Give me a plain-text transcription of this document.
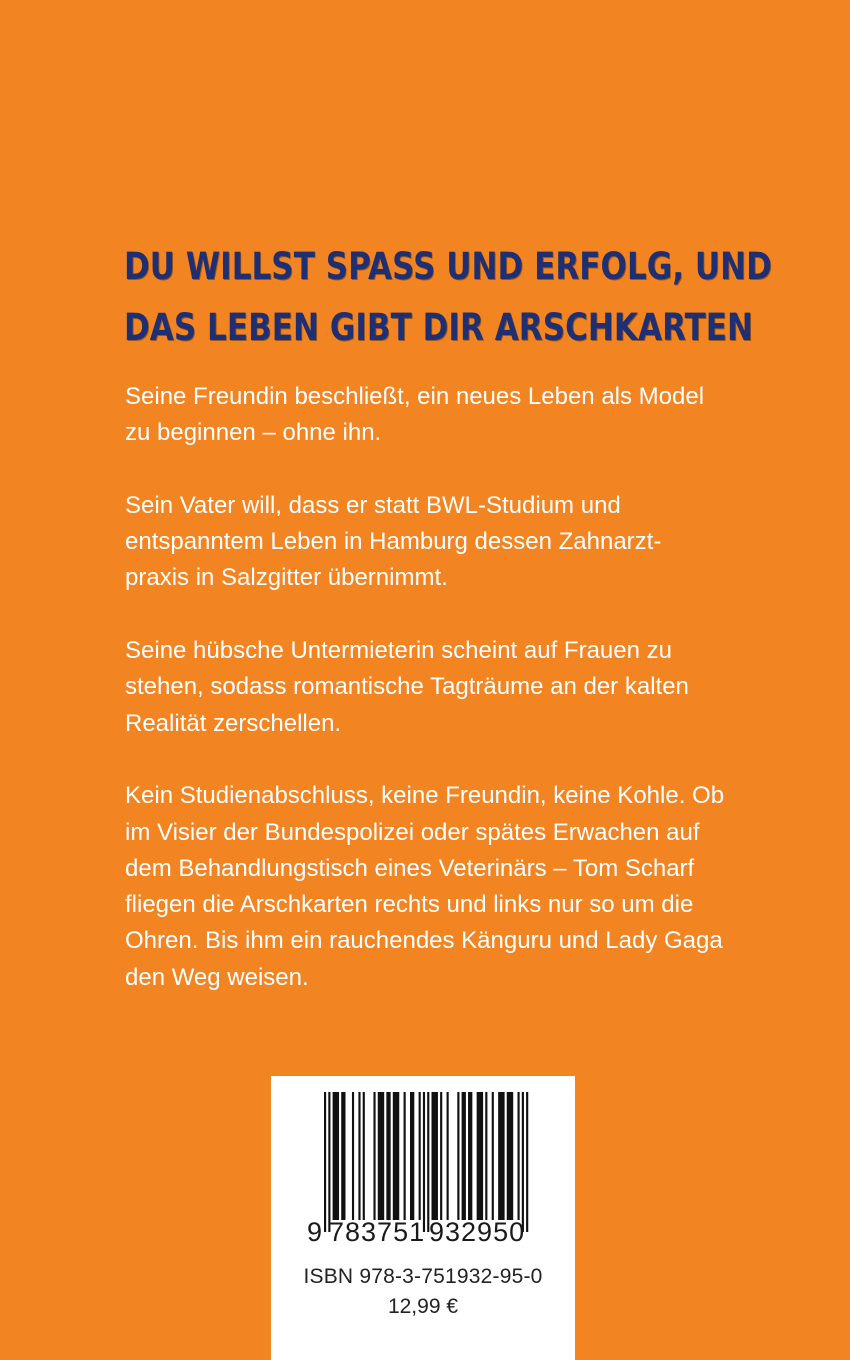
DU WILLST SPASS UND ERFOLG, UND
DAS LEBEN GIBT DIR ARSCHKARTEN

Seine Freundin beschließt, ein neues Leben als Model zu beginnen – ohne ihn.

Sein Vater will, dass er statt BWL-Studium und entspanntem Leben in Hamburg dessen Zahnarzt-praxis in Salzgitter übernimmt.

Seine hübsche Untermieterin scheint auf Frauen zu stehen, sodass romantische Tagträume an der kalten Realität zerschellen.

Kein Studienabschluss, keine Freundin, keine Kohle. Ob im Visier der Bundespolizei oder spätes Erwachen auf dem Behandlungstisch eines Veterinärs – Tom Scharf fliegen die Arschkarten rechts und links nur so um die Ohren. Bis ihm ein rauchendes Känguru und Lady Gaga den Weg weisen.

9 783751 932950
ISBN 978-3-751932-95-0
12,99 €
